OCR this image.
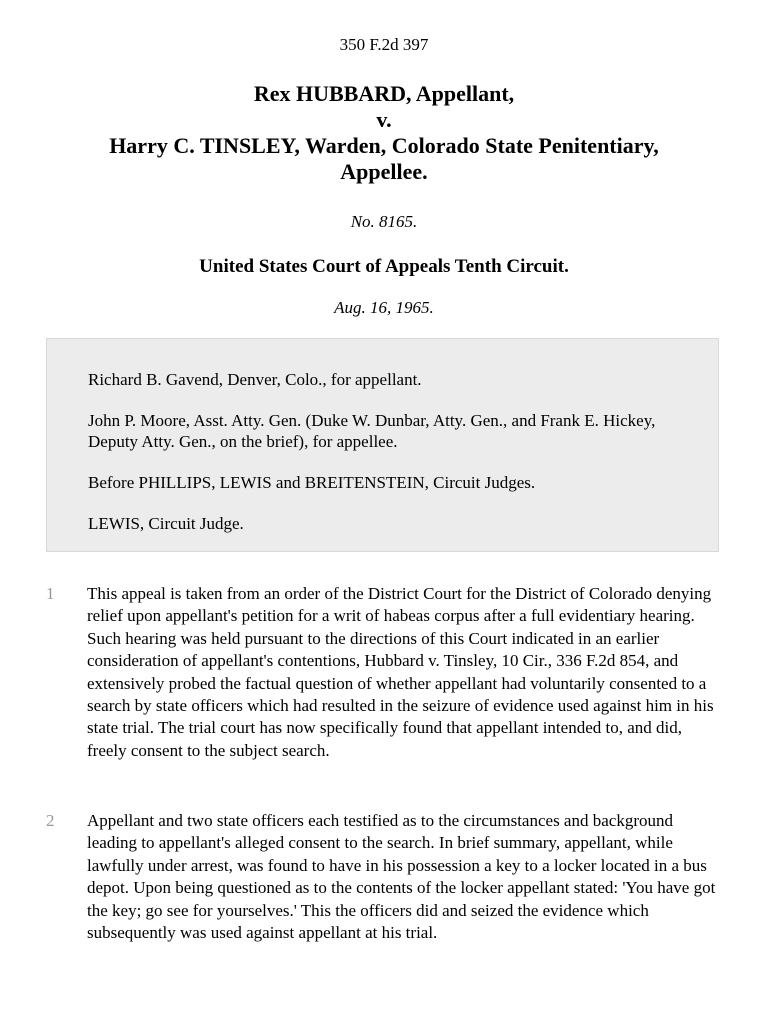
350 F.2d 397
Rex HUBBARD, Appellant,
v.
Harry C. TINSLEY, Warden, Colorado State Penitentiary,
Appellee.
No. 8165.
United States Court of Appeals Tenth Circuit.
Aug. 16, 1965.

Richard B. Gavend, Denver, Colo., for appellant.

John P. Moore, Asst. Atty. Gen. (Duke W. Dunbar, Atty. Gen., and Frank E. Hickey, Deputy Atty. Gen., on the brief), for appellee.

Before PHILLIPS, LEWIS and BREITENSTEIN, Circuit Judges.

LEWIS, Circuit Judge.

1 This appeal is taken from an order of the District Court for the District of Colorado denying relief upon appellant's petition for a writ of habeas corpus after a full evidentiary hearing. Such hearing was held pursuant to the directions of this Court indicated in an earlier consideration of appellant's contentions, Hubbard v. Tinsley, 10 Cir., 336 F.2d 854, and extensively probed the factual question of whether appellant had voluntarily consented to a search by state officers which had resulted in the seizure of evidence used against him in his state trial. The trial court has now specifically found that appellant intended to, and did, freely consent to the subject search.

2 Appellant and two state officers each testified as to the circumstances and background leading to appellant's alleged consent to the search. In brief summary, appellant, while lawfully under arrest, was found to have in his possession a key to a locker located in a bus depot. Upon being questioned as to the contents of the locker appellant stated: 'You have got the key; go see for yourselves.' This the officers did and seized the evidence which subsequently was used against appellant at his trial.
